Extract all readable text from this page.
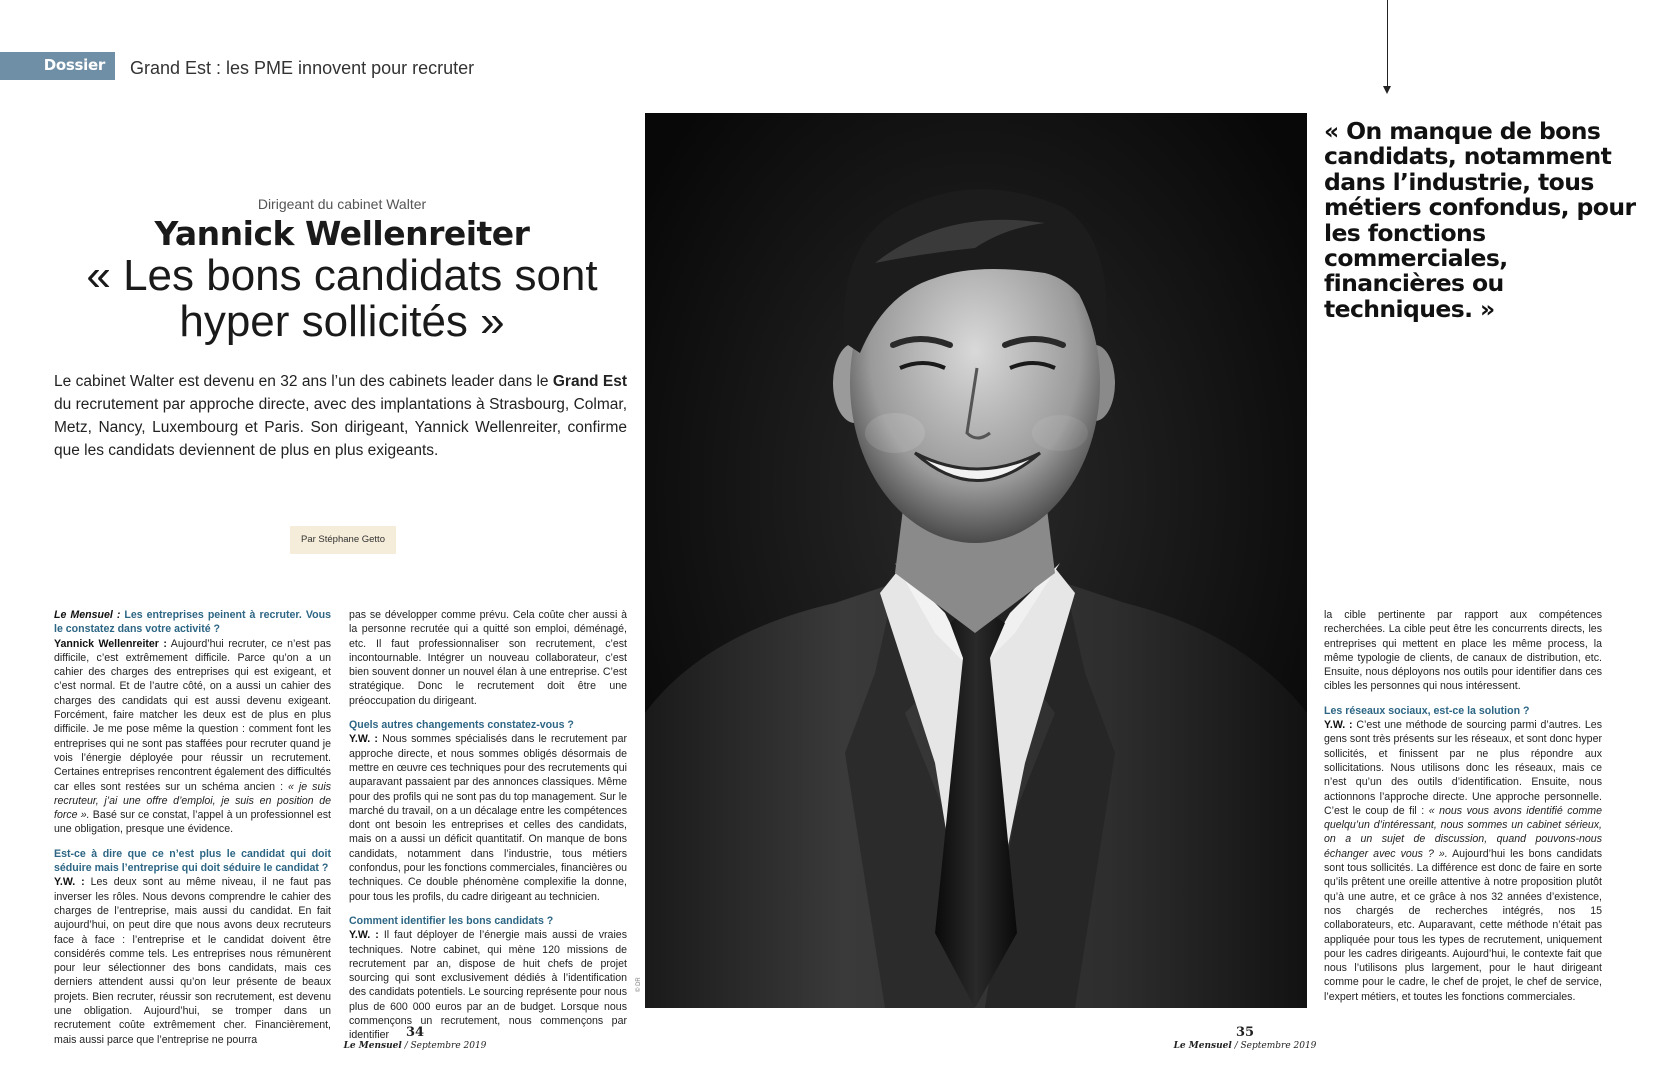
Dossier Grand Est : les PME innovent pour recruter
Dirigeant du cabinet Walter
Yannick Wellenreiter
« Les bons candidats sont
hyper sollicités »

Le cabinet Walter est devenu en 32 ans l’un des cabinets leader dans le Grand Est du recrutement par approche directe, avec des implantations à Strasbourg, Colmar, Metz, Nancy, Luxembourg et Paris. Son dirigeant, Yannick Wellenreiter, confirme que les candidats deviennent de plus en plus exigeants.

Par Stéphane Getto

Le Mensuel : Les entreprises peinent à recruter. Vous le constatez dans votre activité ?

Yannick Wellenreiter : Aujourd’hui recruter, ce n’est pas difficile, c’est extrêmement difficile. Parce qu’on a un cahier des charges des entreprises qui est exigeant, et c’est normal. Et de l’autre côté, on a aussi un cahier des charges des candidats qui est aussi devenu exigeant. Forcément, faire matcher les deux est de plus en plus difficile. Je me pose même la question : comment font les entreprises qui ne sont pas staffées pour recruter quand je vois l’énergie déployée pour réussir un recrutement. Certaines entreprises rencontrent également des difficultés car elles sont restées sur un schéma ancien : « je suis recruteur, j’ai une offre d’emploi, je suis en position de force ». Basé sur ce constat, l’appel à un professionnel est une obligation, presque une évidence.

Est-ce à dire que ce n’est plus le candidat qui doit séduire mais l’entreprise qui doit séduire le candidat ?

Y.W. : Les deux sont au même niveau, il ne faut pas inverser les rôles. Nous devons comprendre le cahier des charges de l’entreprise, mais aussi du candidat. En fait aujourd’hui, on peut dire que nous avons deux recruteurs face à face : l’entreprise et le candidat doivent être considérés comme tels. Les entreprises nous rémunèrent pour leur sélectionner des bons candidats, mais ces derniers attendent aussi qu’on leur présente de beaux projets. Bien recruter, réussir son recrutement, est devenu une obligation. Aujourd’hui, se tromper dans un recrutement coûte extrêmement cher. Financièrement, mais aussi parce que l’entreprise ne pourra

pas se développer comme prévu. Cela coûte cher aussi à la personne recrutée qui a quitté son emploi, déménagé, etc. Il faut professionnaliser son recrutement, c’est incontournable. Intégrer un nouveau collaborateur, c’est bien souvent donner un nouvel élan à une entreprise. C’est stratégique. Donc le recrutement doit être une préoccupation du dirigeant.

Quels autres changements constatez-vous ?

Y.W. : Nous sommes spécialisés dans le recrutement par approche directe, et nous sommes obligés désormais de mettre en œuvre ces techniques pour des recrutements qui auparavant passaient par des annonces classiques. Même pour des profils qui ne sont pas du top management. Sur le marché du travail, on a un décalage entre les compétences dont ont besoin les entreprises et celles des candidats, mais on a aussi un déficit quantitatif. On manque de bons candidats, notamment dans l’industrie, tous métiers confondus, pour les fonctions commerciales, financières ou techniques. Ce double phénomène complexifie la donne, pour tous les profils, du cadre dirigeant au technicien.

Comment identifier les bons candidats ?

Y.W. : Il faut déployer de l’énergie mais aussi de vraies techniques. Notre cabinet, qui mène 120 missions de recrutement par an, dispose de huit chefs de projet sourcing qui sont exclusivement dédiés à l’identification des candidats potentiels. Le sourcing représente pour nous plus de 600 000 euros par an de budget. Lorsque nous commençons un recrutement, nous commençons par identifier

© DR
« On manque de bons candidats, notamment dans l’industrie, tous métiers confondus, pour les fonctions commerciales, financières ou techniques. »

la cible pertinente par rapport aux compétences recherchées. La cible peut être les concurrents directs, les entreprises qui mettent en place les même process, la même typologie de clients, de canaux de distribution, etc. Ensuite, nous déployons nos outils pour identifier dans ces cibles les personnes qui nous intéressent.

Les réseaux sociaux, est-ce la solution ?

Y.W. : C’est une méthode de sourcing parmi d’autres. Les gens sont très présents sur les réseaux, et sont donc hyper sollicités, et finissent par ne plus répondre aux sollicitations. Nous utilisons donc les réseaux, mais ce n’est qu’un des outils d’identification. Ensuite, nous actionnons l’approche directe. Une approche personnelle. C’est le coup de fil : « nous vous avons identifié comme quelqu’un d’intéressant, nous sommes un cabinet sérieux, on a un sujet de discussion, quand pouvons-nous échanger avec vous ? ». Aujourd’hui les bons candidats sont tous sollicités. La différence est donc de faire en sorte qu’ils prêtent une oreille attentive à notre proposition plutôt qu’à une autre, et ce grâce à nos 32 années d’existence, nos chargés de recherches intégrés, nos 15 collaborateurs, etc. Auparavant, cette méthode n’était pas appliquée pour tous les types de recrutement, uniquement pour les cadres dirigeants. Aujourd’hui, le contexte fait que nous l’utilisons plus largement, pour le haut dirigeant comme pour le cadre, le chef de projet, le chef de service, l’expert métiers, et toutes les fonctions commerciales.

34
Le Mensuel / Septembre 2019
35
Le Mensuel / Septembre 2019
